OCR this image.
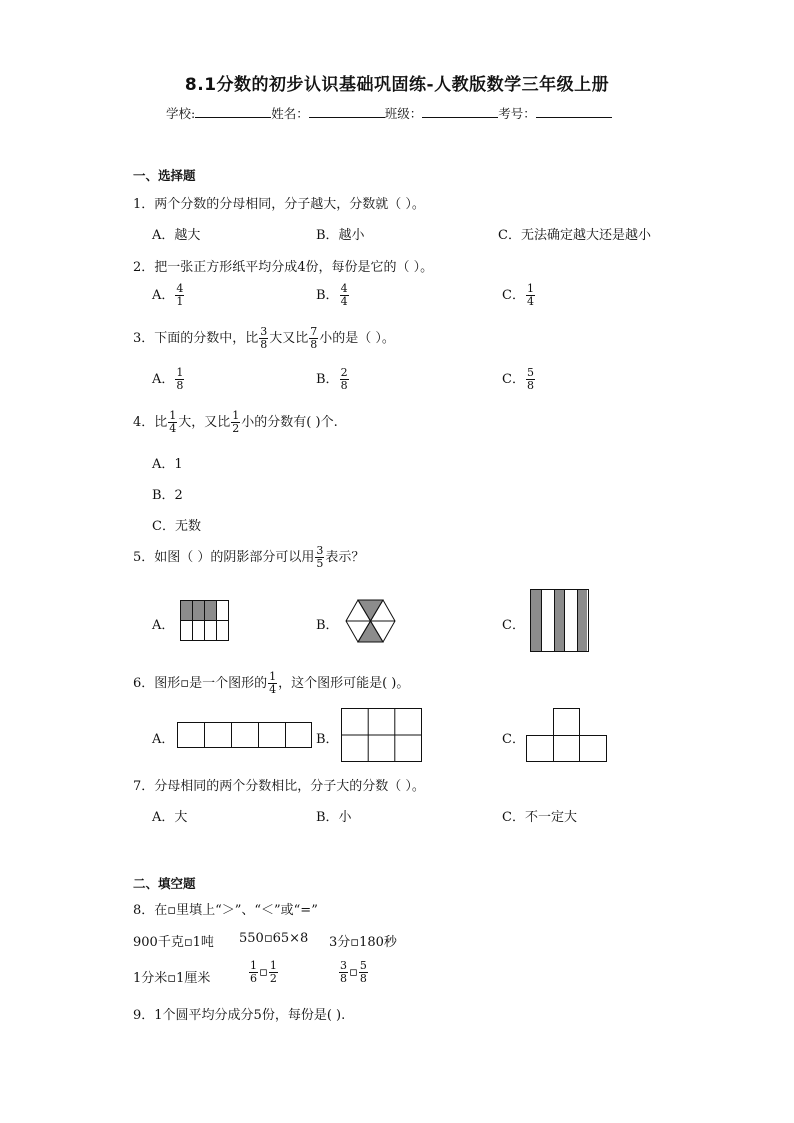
8.1分数的初步认识基础巩固练-人教版数学三年级上册
学校:	姓名：	班级：	考号：
一、选择题
1．两个分数的分母相同，分子越大，分数就（ ）。
A．越大	B．越小	C．无法确定越大还是越小
2．把一张正方形纸平均分成4份，每份是它的（ ）。
A． $\frac{4}{1}$	B． $\frac{4}{4}$	C． $\frac{1}{4}$
3．下面的分数中，比 $\frac{3}{8}$ 大又比 $\frac{7}{8}$ 小的是（ ）。
A． $\frac{1}{8}$	B． $\frac{2}{8}$	C． $\frac{5}{8}$
4．比 $\frac{1}{4}$ 大，又比 $\frac{1}{2}$ 小的分数有( )个.
A．1
B．2
C．无数
5．如图（ ）的阴影部分可以用 $\frac{3}{5}$ 表示？
A．	B．	C．
6．图形▫是一个图形的 $\frac{1}{4}$ ，这个图形可能是( )。
A．	B．	C．
7．分母相同的两个分数相比，分子大的分数（ ）。
A．大	B．小	C．不一定大
二、填空题
8．在▫里填上“＞”、“＜”或“=”
900千克▫1吨 550▫65×8 3分▫180秒
1分米▫1厘米	$\frac{1}{6}$ ▫ $\frac{1}{2}$	$\frac{3}{8}$ ▫ $\frac{5}{8}$
9．1个圆平均分成分5份，每份是( ).
